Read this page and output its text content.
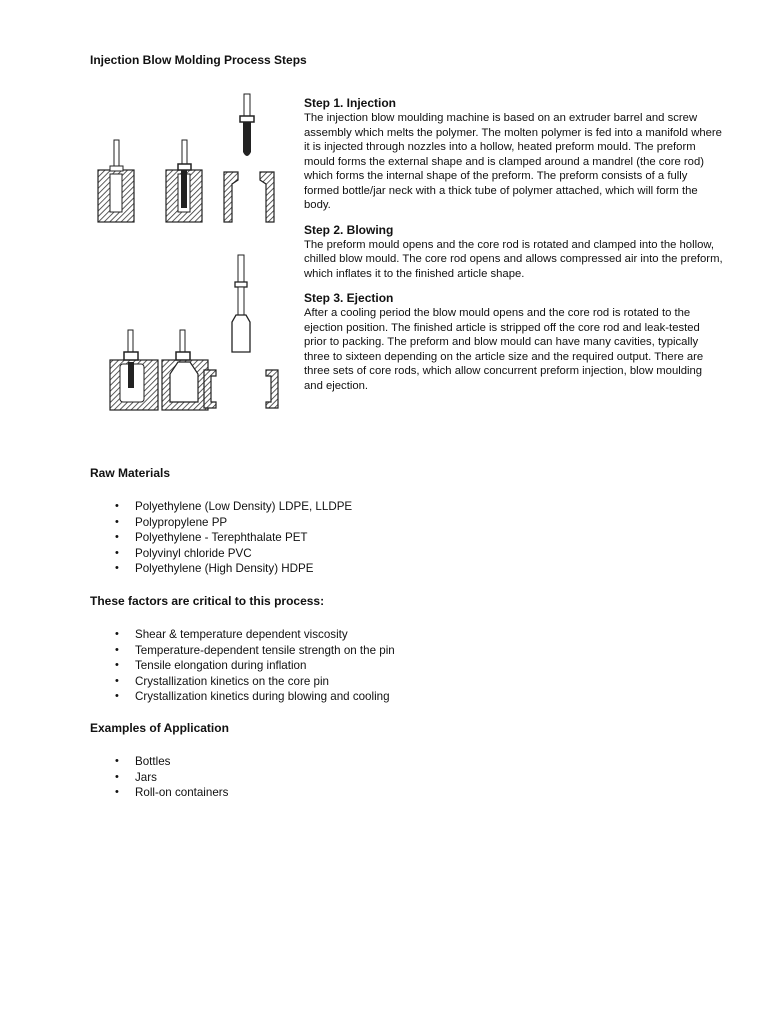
Injection Blow Molding Process Steps
Step 1. Injection

The injection blow moulding machine is based on an extruder barrel and screw assembly which melts the polymer. The molten polymer is fed into a manifold where it is injected through nozzles into a hollow, heated preform mould. The preform mould forms the external shape and is clamped around a mandrel (the core rod) which forms the internal shape of the preform. The preform consists of a fully formed bottle/jar neck with a thick tube of polymer attached, which will form the body.

Step 2. Blowing

The preform mould opens and the core rod is rotated and clamped into the hollow, chilled blow mould. The core rod opens and allows compressed air into the preform, which inflates it to the finished article shape.

Step 3. Ejection

After a cooling period the blow mould opens and the core rod is rotated to the ejection position. The finished article is stripped off the core rod and leak-tested prior to packing. The preform and blow mould can have many cavities, typically three to sixteen depending on the article size and the required output. There are three sets of core rods, which allow concurrent preform injection, blow moulding and ejection.

Raw Materials
• Polyethylene (Low Density) LDPE, LLDPE
• Polypropylene PP
• Polyethylene - Terephthalate PET
• Polyvinyl chloride PVC
• Polyethylene (High Density) HDPE
These factors are critical to this process:
• Shear & temperature dependent viscosity
• Temperature-dependent tensile strength on the pin
• Tensile elongation during inflation
• Crystallization kinetics on the core pin
• Crystallization kinetics during blowing and cooling
Examples of Application
• Bottles
• Jars
• Roll-on containers
